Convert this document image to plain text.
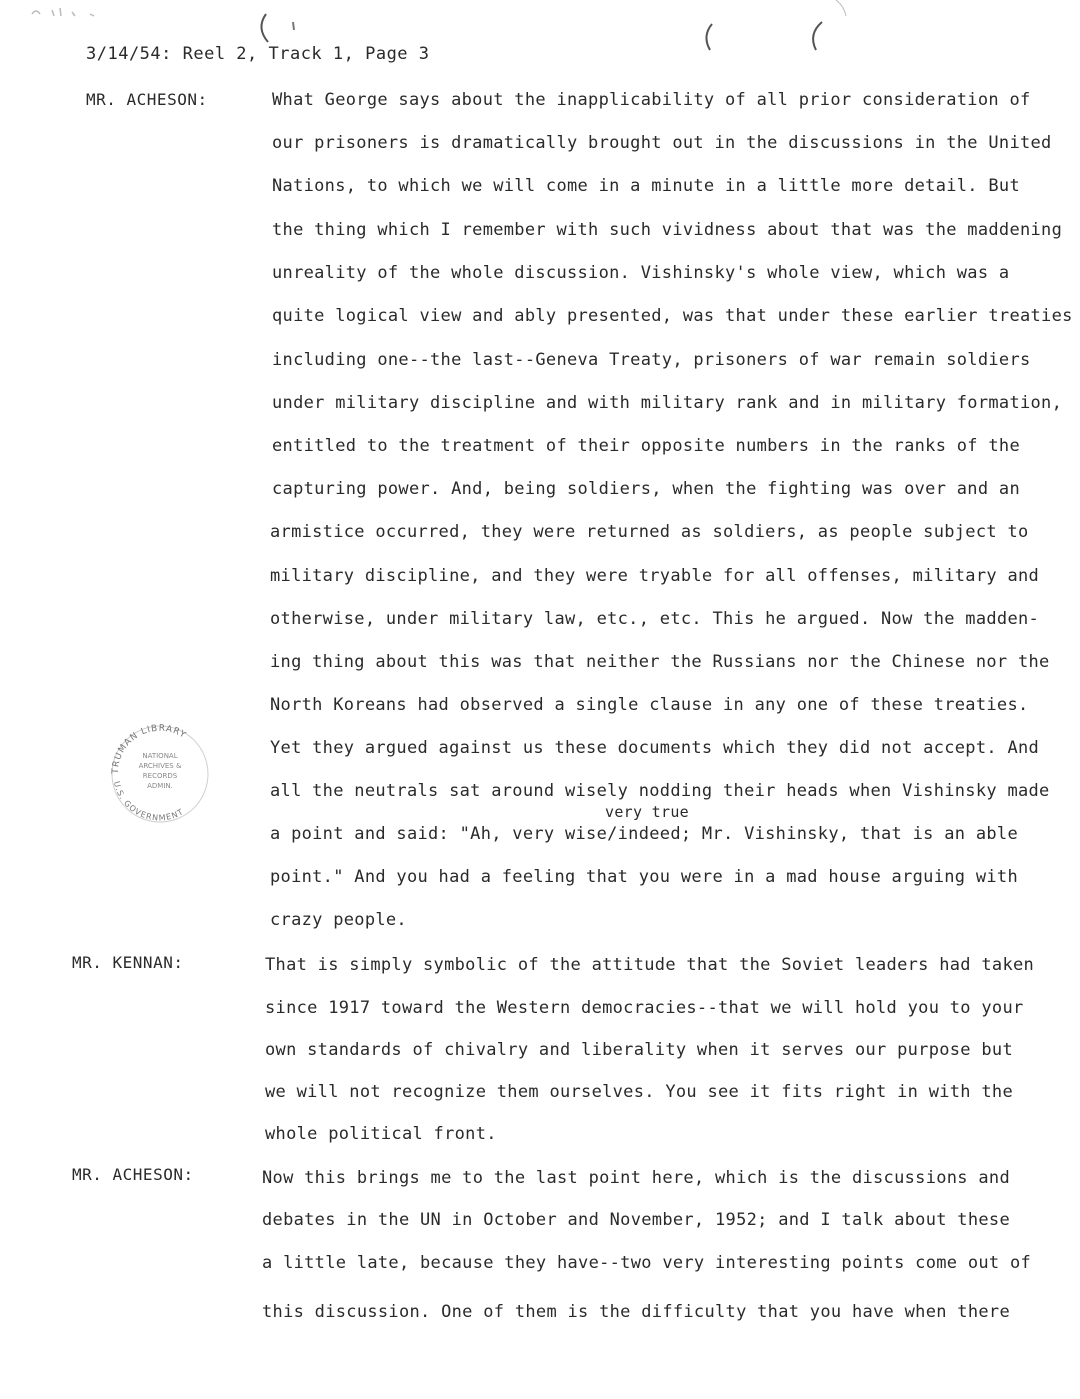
3/14/54: Reel 2, Track 1, Page 3
MR. ACHESON:	What George says about the inapplicability of all prior consideration of
our prisoners is dramatically brought out in the discussions in the United
Nations, to which we will come in a minute in a little more detail. But
the thing which I remember with such vividness about that was the maddening
unreality of the whole discussion. Vishinsky's whole view, which was a
quite logical view and ably presented, was that under these earlier treaties
including one--the last--Geneva Treaty, prisoners of war remain soldiers
under military discipline and with military rank and in military formation,
entitled to the treatment of their opposite numbers in the ranks of the
capturing power. And, being soldiers, when the fighting was over and an
armistice occurred, they were returned as soldiers, as people subject to
military discipline, and they were tryable for all offenses, military and
otherwise, under military law, etc., etc. This he argued. Now the madden-
ing thing about this was that neither the Russians nor the Chinese nor the
North Koreans had observed a single clause in any one of these treaties.
Yet they argued against us these documents which they did not accept. And
all the neutrals sat around wisely nodding their heads when Vishinsky made
very true
a point and said: "Ah, very wise/indeed; Mr. Vishinsky, that is an able
point." And you had a feeling that you were in a mad house arguing with
crazy people.
TRUMAN LIBRARY
U.S. GOVERNMENT
NATIONAL
ARCHIVES &
RECORDS
ADMIN.
MR. KENNAN:	That is simply symbolic of the attitude that the Soviet leaders had taken
since 1917 toward the Western democracies--that we will hold you to your
own standards of chivalry and liberality when it serves our purpose but
we will not recognize them ourselves. You see it fits right in with the
whole political front.
MR. ACHESON:	Now this brings me to the last point here, which is the discussions and
debates in the UN in October and November, 1952; and I talk about these
a little late, because they have--two very interesting points come out of
this discussion. One of them is the difficulty that you have when there
